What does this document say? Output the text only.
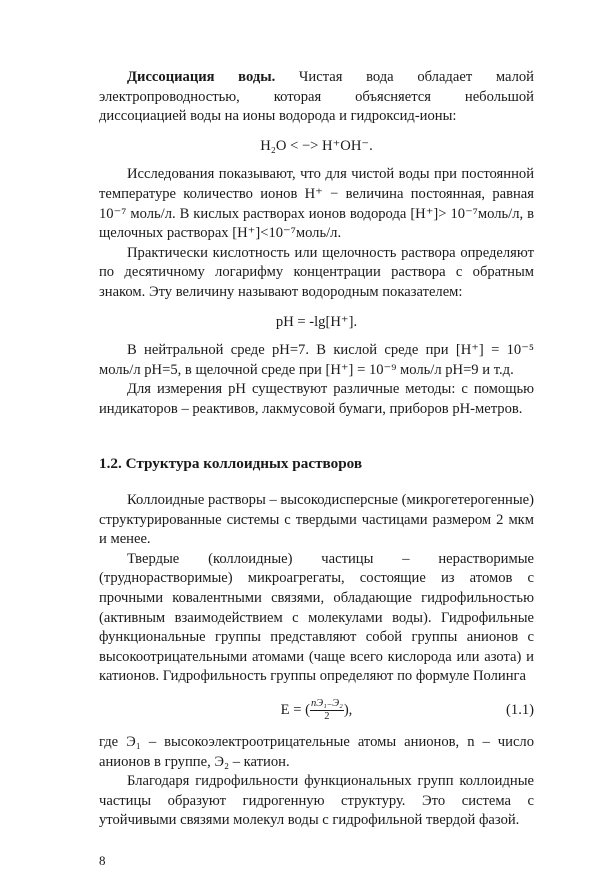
Диссоциация воды. Чистая вода обладает малой электропроводностью, которая объясняется небольшой диссоциацией воды на ионы водорода и гидроксид-ионы:

H₂O < −> H⁺OH⁻.

Исследования показывают, что для чистой воды при постоянной температуре количество ионов H⁺ − величина постоянная, равная 10⁻⁷ моль/л. В кислых растворах ионов водорода [H⁺]> 10⁻⁷моль/л, в щелочных растворах [H⁺]<10⁻⁷моль/л.

Практически кислотность или щелочность раствора определяют по десятичному логарифму концентрации раствора с обратным знаком. Эту величину называют водородным показателем:

pH = -lg[H⁺].

В нейтральной среде pH=7. В кислой среде при [H⁺] = 10⁻⁵ моль/л pH=5, в щелочной среде при [H⁺] = 10⁻⁹ моль/л pH=9 и т.д.

Для измерения pH существуют различные методы: с помощью индикаторов – реактивов, лакмусовой бумаги, приборов pH-метров.

1.2. Структура коллоидных растворов

Коллоидные растворы – высокодисперсные (микрогетерогенные) структурированные системы с твердыми частицами размером 2 мкм и менее.

Твердые (коллоидные) частицы – нерастворимые (труднорастворимые) микроагрегаты, состоящие из атомов с прочными ковалентными связями, обладающие гидрофильностью (активным взаимодействием с молекулами воды). Гидрофильные функциональные группы представляют собой группы анионов с высокоотрицательными атомами (чаще всего кислорода или азота) и катионов. Гидрофильность группы определяют по формуле Полинга

E = ( $\frac{\text{nЭ₁₋Э₂}}{2}$ ),	(1.1)

где Э₁ – высокоэлектроотрицательные атомы анионов, n – число анионов в группе, Э₂ – катион.

Благодаря гидрофильности функциональных групп коллоидные частицы образуют гидрогенную структуру. Это система с утойчивыми связями молекул воды с гидрофильной твердой фазой.

8
